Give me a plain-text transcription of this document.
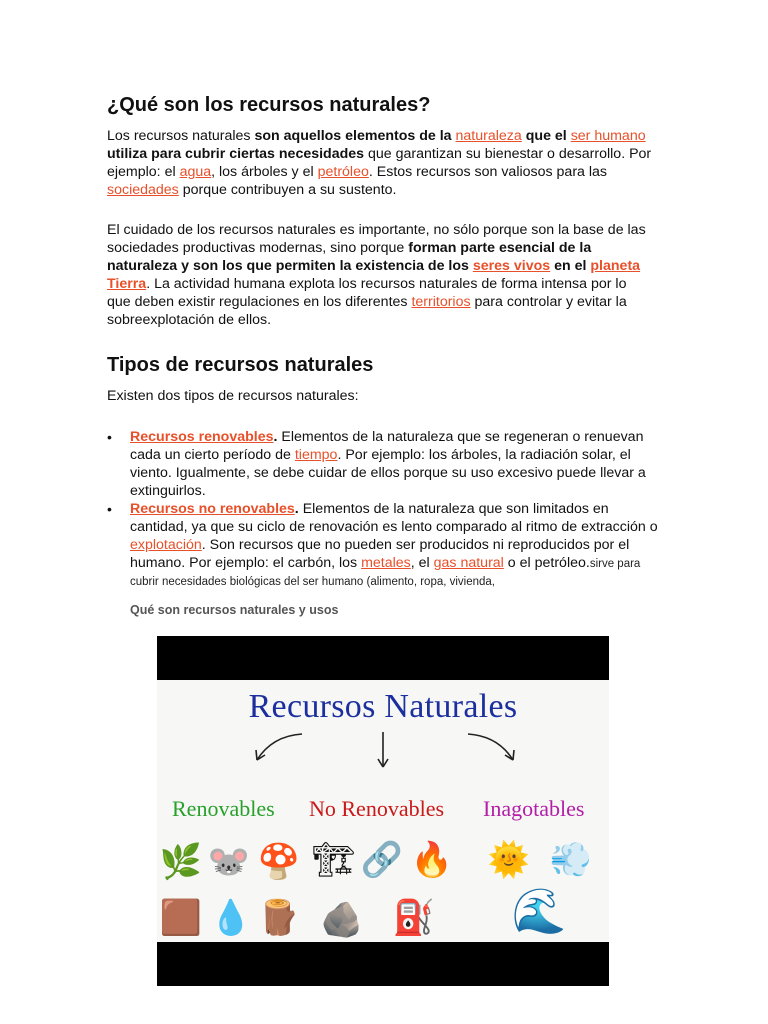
¿Qué son los recursos naturales?

Los recursos naturales son aquellos elementos de la naturaleza que el ser humano utiliza para cubrir ciertas necesidades que garantizan su bienestar o desarrollo. Por ejemplo: el agua, los árboles y el petróleo. Estos recursos son valiosos para las sociedades porque contribuyen a su sustento.

El cuidado de los recursos naturales es importante, no sólo porque son la base de las sociedades productivas modernas, sino porque forman parte esencial de la naturaleza y son los que permiten la existencia de los seres vivos en el planeta Tierra. La actividad humana explota los recursos naturales de forma intensa por lo que deben existir regulaciones en los diferentes territorios para controlar y evitar la sobreexplotación de ellos.

Tipos de recursos naturales

Existen dos tipos de recursos naturales:

• Recursos renovables. Elementos de la naturaleza que se regeneran o renuevan cada un cierto período de tiempo. Por ejemplo: los árboles, la radiación solar, el viento. Igualmente, se debe cuidar de ellos porque su uso excesivo puede llevar a extinguirlos.
• Recursos no renovables. Elementos de la naturaleza que son limitados en cantidad, ya que su ciclo de renovación es lento comparado al ritmo de extracción o explotación. Son recursos que no pueden ser producidos ni reproducidos por el humano. Por ejemplo: el carbón, los metales, el gas natural o el petróleo.sirve para cubrir necesidades biológicas del ser humano (alimento, ropa, vivienda,
Qué son recursos naturales y usos
Recursos Naturales
Renovables No Renovables Inagotables
🌿 🐭 🍄 🏗 🔗 🔥 🌞 💨
🟫 💧 🪵 🪨 ⛽ 🌊
